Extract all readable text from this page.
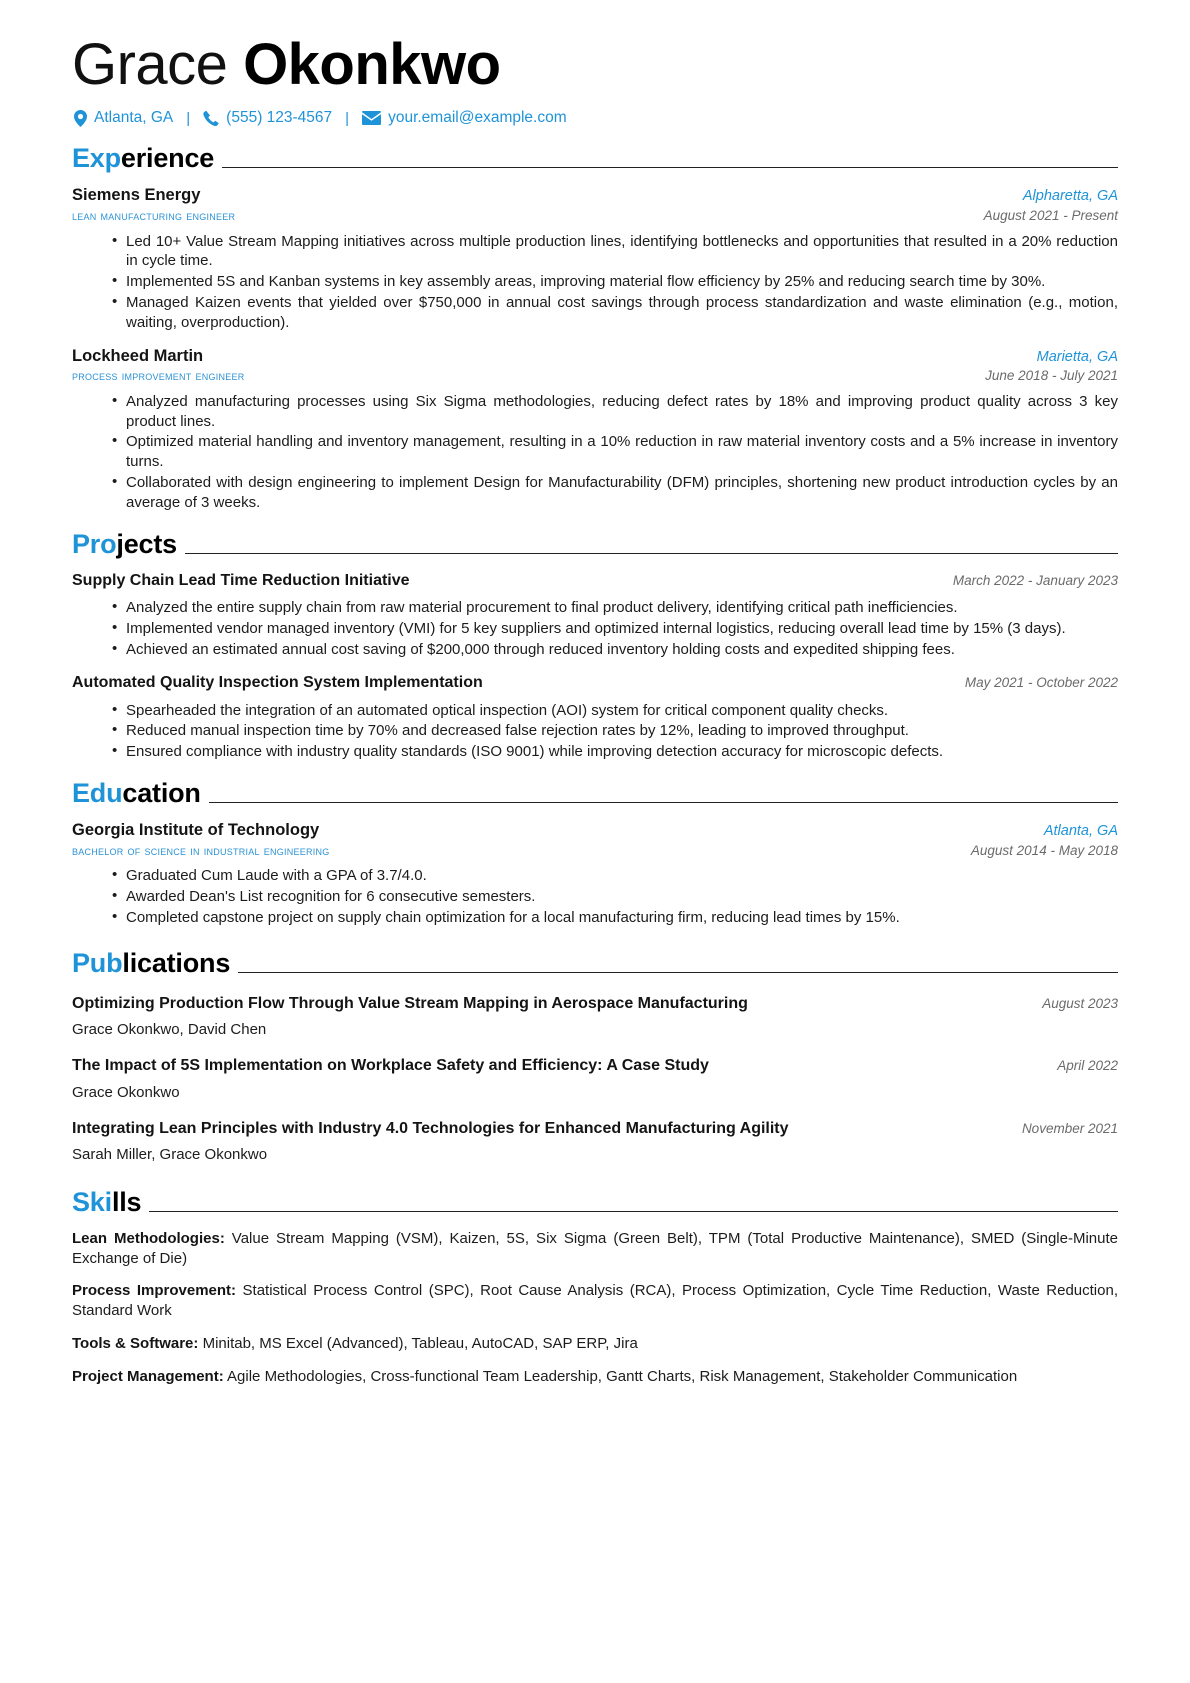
Grace Okonkwo
Atlanta, GA | (555) 123-4567 |	your.email@example.com
Experience
Siemens Energy	Alpharetta, GA
lean manufacturing engineer	August 2021 - Present
• Led 10+ Value Stream Mapping initiatives across multiple production lines, identifying bottlenecks and opportunities that resulted in a 20% reduction in cycle time.
• Implemented 5S and Kanban systems in key assembly areas, improving material flow efficiency by 25% and reducing search time by 30%.
• Managed Kaizen events that yielded over $750,000 in annual cost savings through process standardization and waste elimination (e.g., motion, waiting, overproduction).
Lockheed Martin	Marietta, GA
process improvement engineer	June 2018 - July 2021
• Analyzed manufacturing processes using Six Sigma methodologies, reducing defect rates by 18% and improving product quality across 3 key product lines.
• Optimized material handling and inventory management, resulting in a 10% reduction in raw material inventory costs and a 5% increase in inventory turns.
• Collaborated with design engineering to implement Design for Manufacturability (DFM) principles, shortening new product introduction cycles by an average of 3 weeks.
Projects
Supply Chain Lead Time Reduction Initiative	March 2022 - January 2023
• Analyzed the entire supply chain from raw material procurement to final product delivery, identifying critical path inefficiencies.
• Implemented vendor managed inventory (VMI) for 5 key suppliers and optimized internal logistics, reducing overall lead time by 15% (3 days).
• Achieved an estimated annual cost saving of $200,000 through reduced inventory holding costs and expedited shipping fees.
Automated Quality Inspection System Implementation	May 2021 - October 2022
• Spearheaded the integration of an automated optical inspection (AOI) system for critical component quality checks.
• Reduced manual inspection time by 70% and decreased false rejection rates by 12%, leading to improved throughput.
• Ensured compliance with industry quality standards (ISO 9001) while improving detection accuracy for microscopic defects.
Education
Georgia Institute of Technology	Atlanta, GA
bachelor of science in industrial engineering	August 2014 - May 2018
• Graduated Cum Laude with a GPA of 3.7/4.0.
• Awarded Dean's List recognition for 6 consecutive semesters.
• Completed capstone project on supply chain optimization for a local manufacturing firm, reducing lead times by 15%.
Publications
Optimizing Production Flow Through Value Stream Mapping in Aerospace Manufacturing	August 2023
Grace Okonkwo, David Chen
The Impact of 5S Implementation on Workplace Safety and Efficiency: A Case Study	April 2022
Grace Okonkwo
Integrating Lean Principles with Industry 4.0 Technologies for Enhanced Manufacturing Agility	November 2021
Sarah Miller, Grace Okonkwo
Skills
Lean Methodologies: Value Stream Mapping (VSM), Kaizen, 5S, Six Sigma (Green Belt), TPM (Total Productive Maintenance), SMED (Single-Minute Exchange of Die)
Process Improvement: Statistical Process Control (SPC), Root Cause Analysis (RCA), Process Optimization, Cycle Time Reduction, Waste Reduction, Standard Work
Tools & Software: Minitab, MS Excel (Advanced), Tableau, AutoCAD, SAP ERP, Jira
Project Management: Agile Methodologies, Cross-functional Team Leadership, Gantt Charts, Risk Management, Stakeholder Communication
